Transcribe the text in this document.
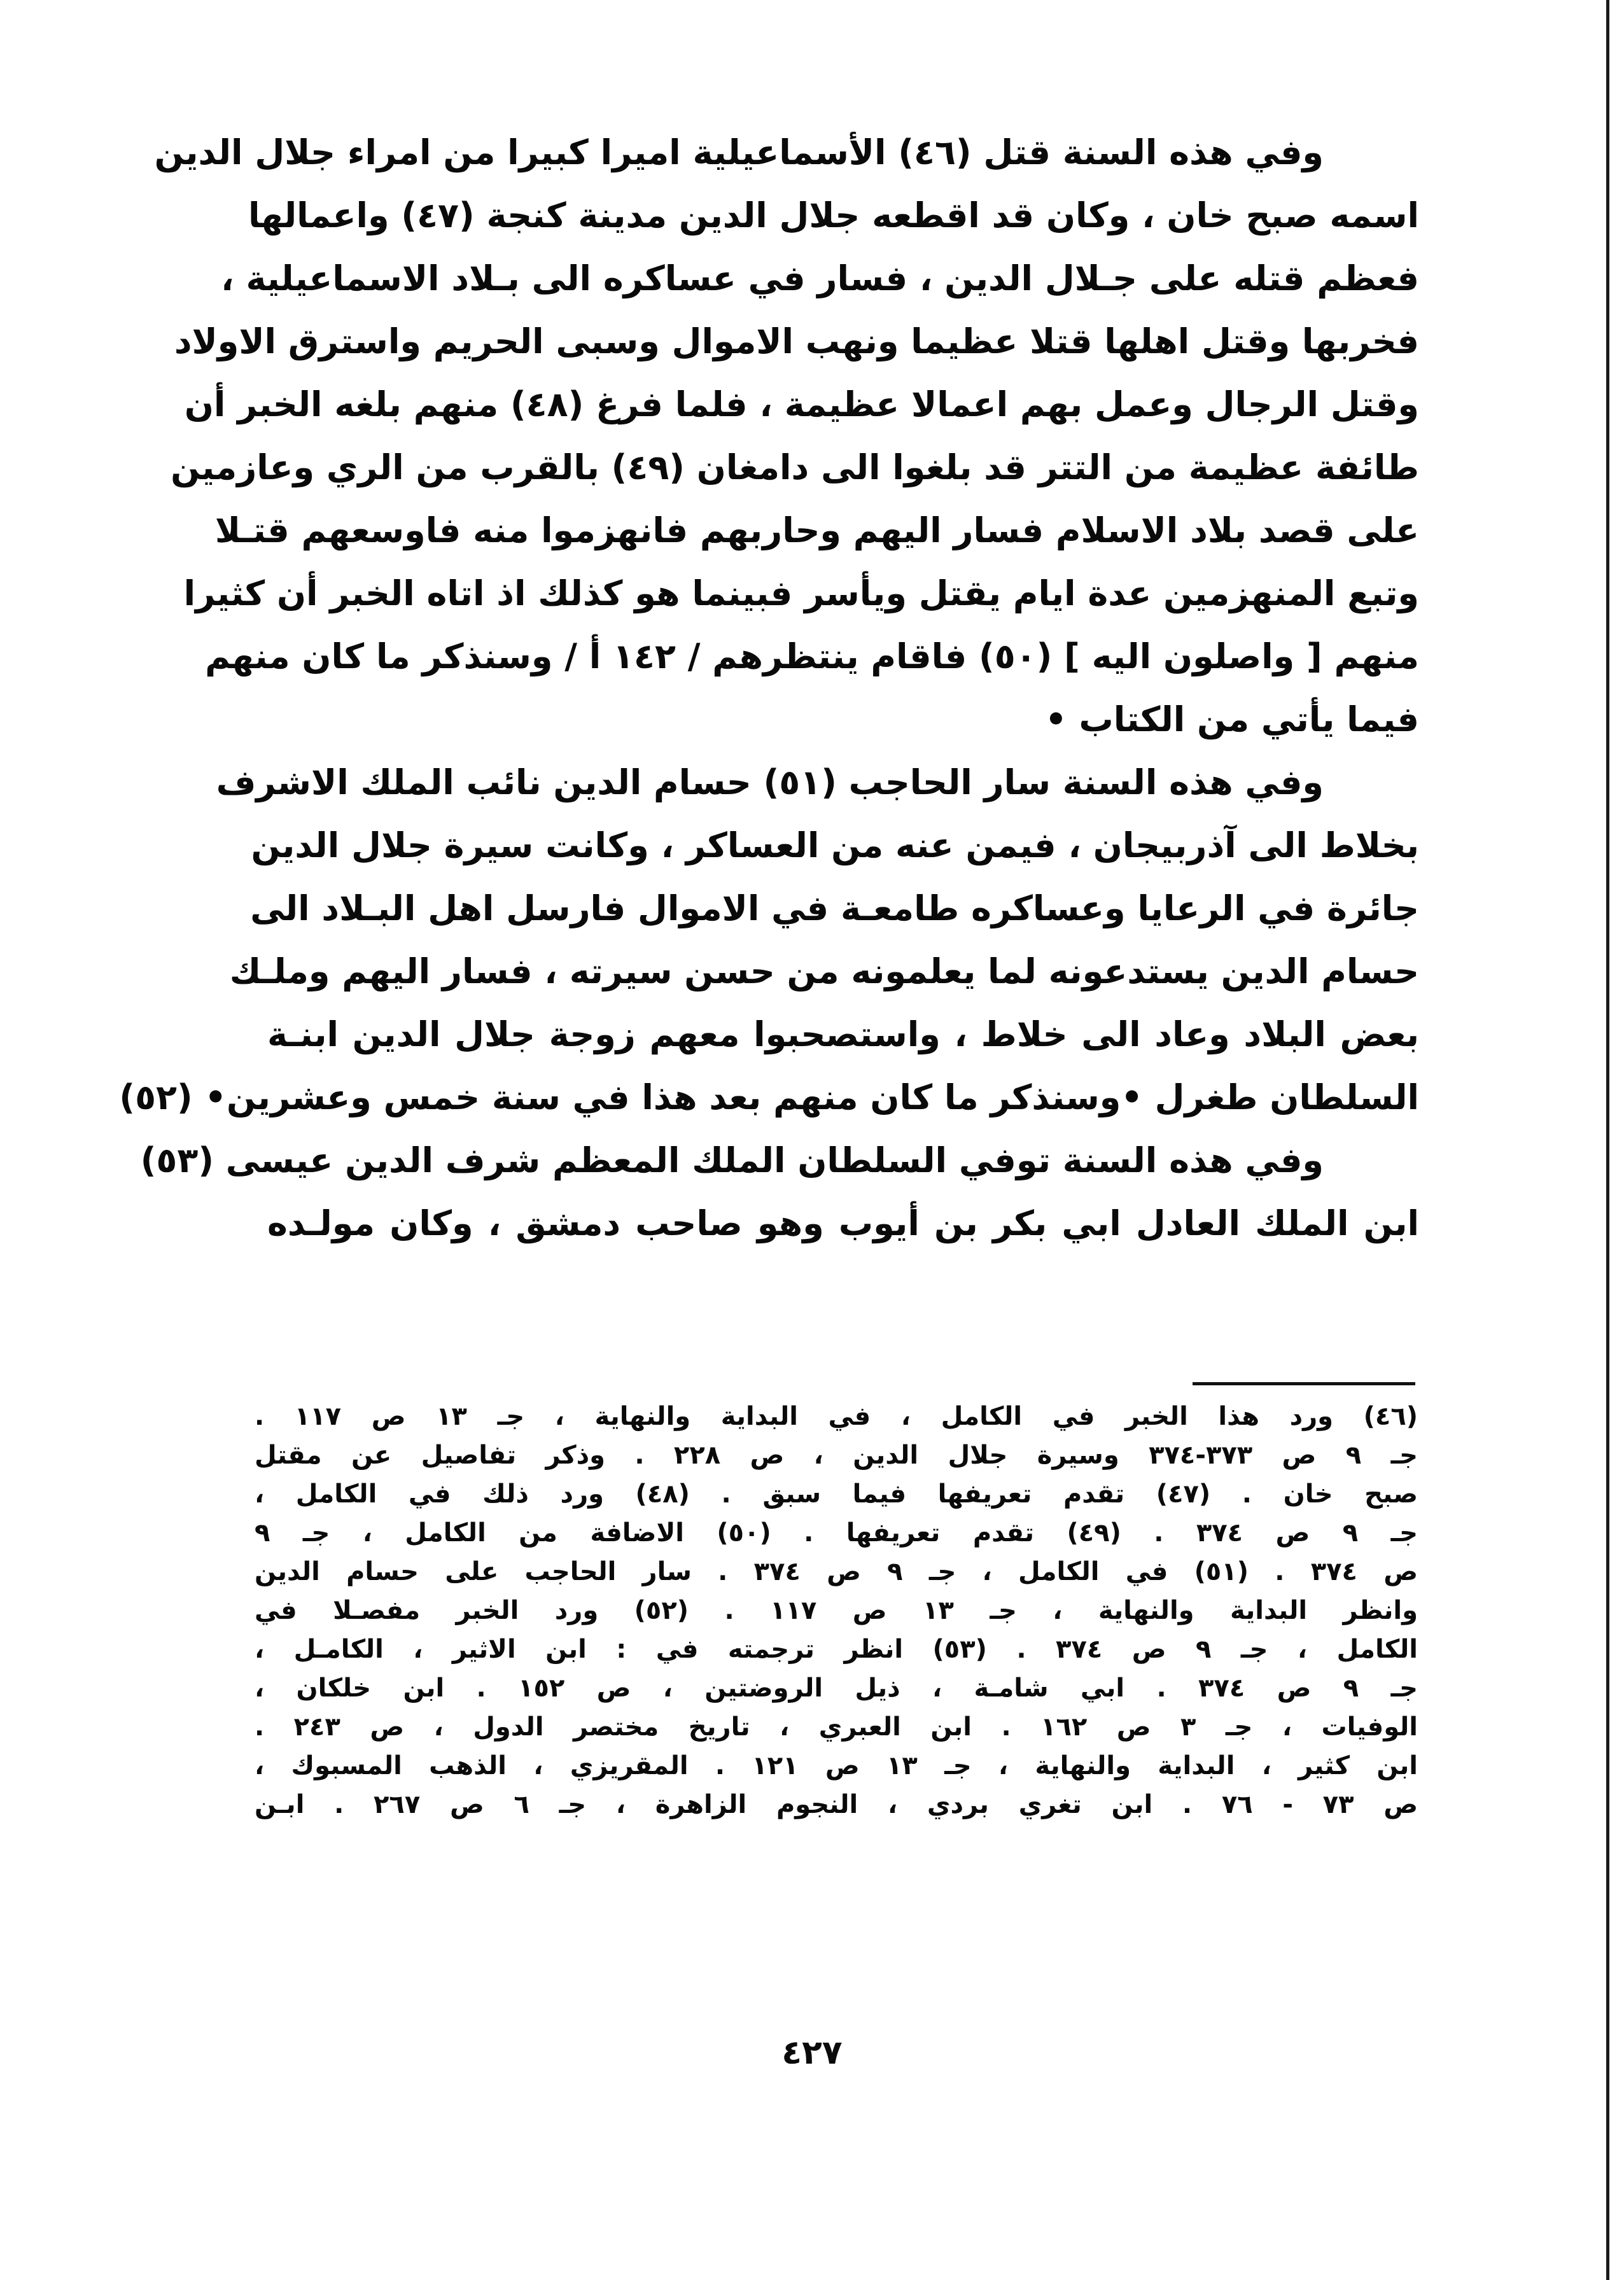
وفي هذه السنة قتل (٤٦) الأسماعيلية اميرا كبيرا من امراء جلال الدين
اسمه صبح خان ، وكان قد اقطعه جلال الدين مدينة كنجة (٤٧) واعمالها
فعظم قتله على جـلال الدين ، فسار في عساكره الى بـلاد الاسماعيلية ،
فخربها وقتل اهلها قتلا عظيما ونهب الاموال وسبى الحريم واسترق الاولاد
وقتل الرجال وعمل بهم اعمالا عظيمة ، فلما فرغ (٤٨) منهم بلغه الخبر أن
طائفة عظيمة من التتر قد بلغوا الى دامغان (٤٩) بالقرب من الري وعازمين
على قصد بلاد الاسلام فسار اليهم وحاربهم فانهزموا منه فاوسعهم قتـلا
وتبع المنهزمين عدة ايام يقتل ويأسر فبينما هو كذلك اذ اتاه الخبر أن كثيرا
منهم [ واصلون اليه ] (٥٠) فاقام ينتظرهم / ١٤٢ أ / وسنذكر ما كان منهم
فيما يأتي من الكتاب •
وفي هذه السنة سار الحاجب (٥١) حسام الدين نائب الملك الاشرف
بخلاط الى آذربيجان ، فيمن عنه من العساكر ، وكانت سيرة جلال الدين
جائرة في الرعايا وعساكره طامعـة في الاموال فارسل اهل البـلاد الى
حسام الدين يستدعونه لما يعلمونه من حسن سيرته ، فسار اليهم وملـك
بعض البلاد وعاد الى خلاط ، واستصحبوا معهم زوجة جلال الدين ابنـة
السلطان طغرل •وسنذكر ما كان منهم بعد هذا في سنة خمس وعشرين• (٥٢)
وفي هذه السنة توفي السلطان الملك المعظم شرف الدين عيسى (٥٣)
ابن الملك العادل ابي بكر بن أيوب وهو صاحب دمشق ، وكان مولـده
(٤٦) ورد هذا الخبر في الكامل ، في البداية والنهاية ، جـ ١٣ ص ١١٧ .
جـ ٩ ص ٣٧٣-٣٧٤ وسيرة جلال الدين ، ص ٢٢٨ . وذكر تفاصيل عن مقتل
صبح خان . (٤٧) تقدم تعريفها فيما سبق . (٤٨) ورد ذلك في الكامل ،
جـ ٩ ص ٣٧٤ . (٤٩) تقدم تعريفها . (٥٠) الاضافة من الكامل ، جـ ٩
ص ٣٧٤ . (٥١) في الكامل ، جـ ٩ ص ٣٧٤ . سار الحاجب على حسام الدين
وانظر البداية والنهاية ، جـ ١٣ ص ١١٧ . (٥٢) ورد الخبر مفصـلا في
الكامل ، جـ ٩ ص ٣٧٤ . (٥٣) انظر ترجمته في : ابن الاثير ، الكامـل ،
جـ ٩ ص ٣٧٤ . ابي شامـة ، ذيل الروضتين ، ص ١٥٢ . ابن خلكان ،
الوفيات ، جـ ٣ ص ١٦٢ . ابن العبري ، تاريخ مختصر الدول ، ص ٢٤٣ .
ابن كثير ، البداية والنهاية ، جـ ١٣ ص ١٢١ . المقريزي ، الذهب المسبوك ،
ص ٧٣ - ٧٦ . ابن تغري بردي ، النجوم الزاهرة ، جـ ٦ ص ٢٦٧ . ابـن
٤٢٧
